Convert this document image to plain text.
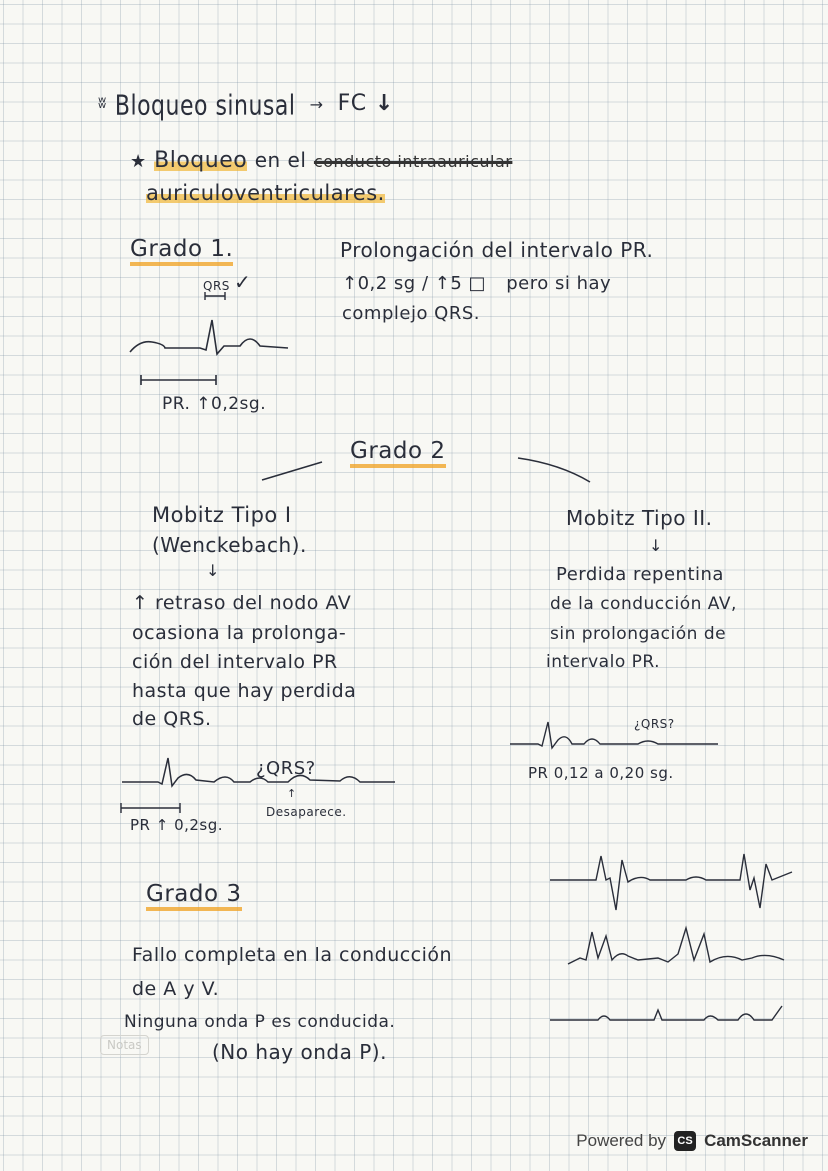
ʬ Bloqueo sinusal → FC ↓
★ Bloqueo en el conducto intraauricular
auriculoventriculares.
Grado 1.
✓
QRS
PR. ↑0,2sg.
Prolongación del intervalo PR.
↑0,2 sg / ↑5 □ pero si hay
complejo QRS.
Grado 2
Mobitz Tipo I
(Wenckebach).
↓
↑ retraso del nodo AV
ocasiona la prolonga-
ción del intervalo PR
hasta que hay perdida
de QRS.
¿QRS?
PR ↑ 0,2sg.
↑
Desaparece.
Mobitz Tipo II.
↓
Perdida repentina
de la conducción AV,
sin prolongación de
intervalo PR.
¿QRS?
PR 0,12 a 0,20 sg.
Grado 3
Fallo completa en la conducción
de A y V.
Ninguna onda P es conducida.
(No hay onda P).
Notas
Powered by	CS CamScanner
